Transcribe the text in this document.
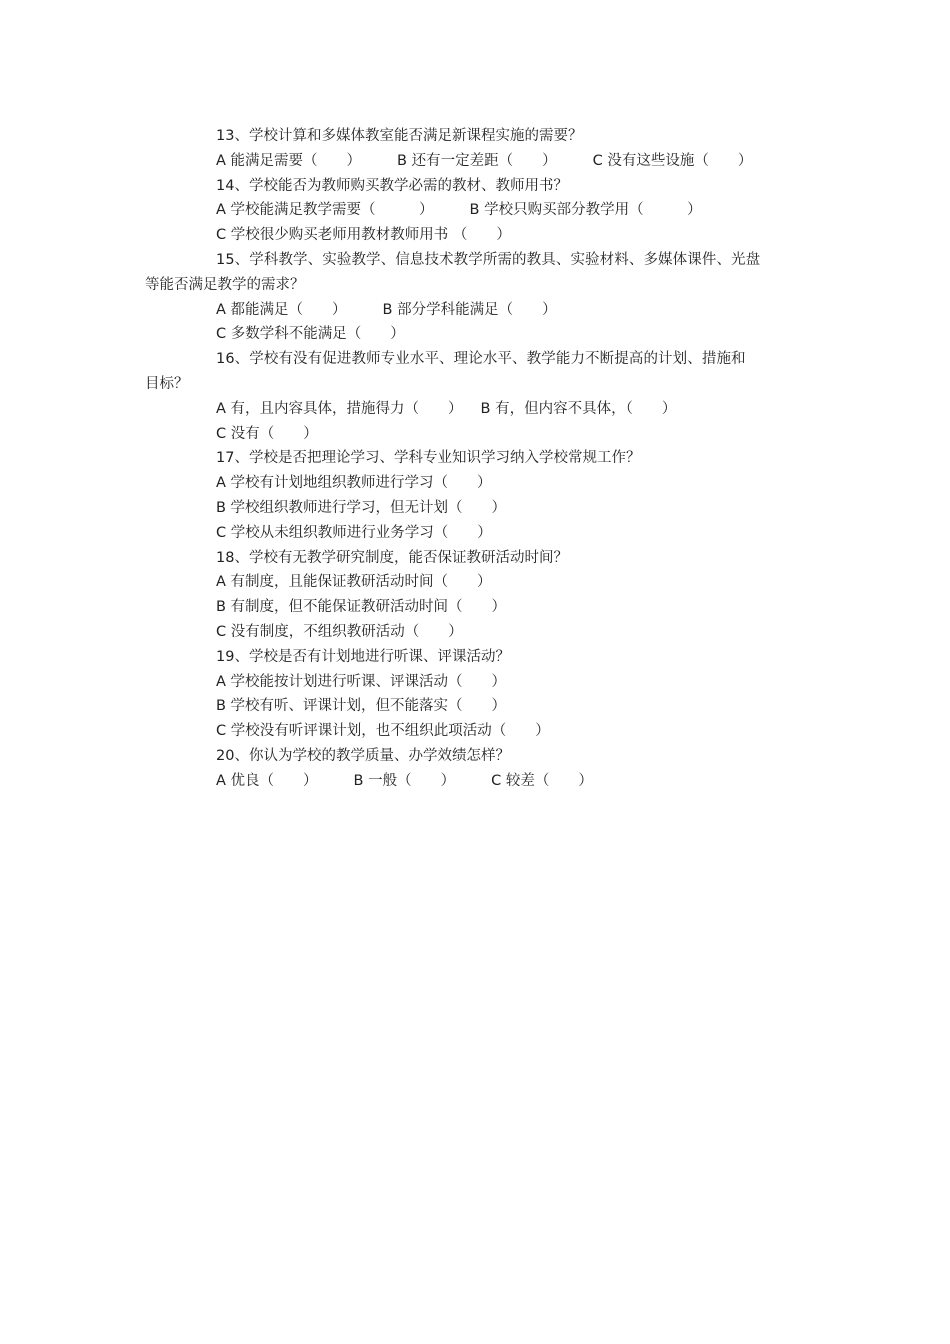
13、学校计算和多媒体教室能否满足新课程实施的需要？
A 能满足需要（　　） B 还有一定差距（　　） C 没有这些设施（　　）
14、学校能否为教师购买教学必需的教材、教师用书？
A 学校能满足教学需要（　　　） B 学校只购买部分教学用（　　　）
C 学校很少购买老师用教材教师用书 （　　）
15、学科教学、实验教学、信息技术教学所需的教具、实验材料、多媒体课件、光盘
等能否满足教学的需求？
A 都能满足（　　） B 部分学科能满足（　　）
C 多数学科不能满足（　　）
16、学校有没有促进教师专业水平、理论水平、教学能力不断提高的计划、措施和
目标？
A 有，且内容具体，措施得力（　　） B 有，但内容不具体，（　　）
C 没有（　　）
17、学校是否把理论学习、学科专业知识学习纳入学校常规工作？
A 学校有计划地组织教师进行学习（　　）
B 学校组织教师进行学习，但无计划（　　）
C 学校从未组织教师进行业务学习（　　）
18、学校有无教学研究制度，能否保证教研活动时间？
A 有制度，且能保证教研活动时间（　　）
B 有制度，但不能保证教研活动时间（　　）
C 没有制度，不组织教研活动（　　）
19、学校是否有计划地进行听课、评课活动？
A 学校能按计划进行听课、评课活动（　　）
B 学校有听、评课计划，但不能落实（　　）
C 学校没有听评课计划，也不组织此项活动（　　）
20、你认为学校的教学质量、办学效绩怎样？
A 优良（　　） B 一般（　　） C 较差（　　）
